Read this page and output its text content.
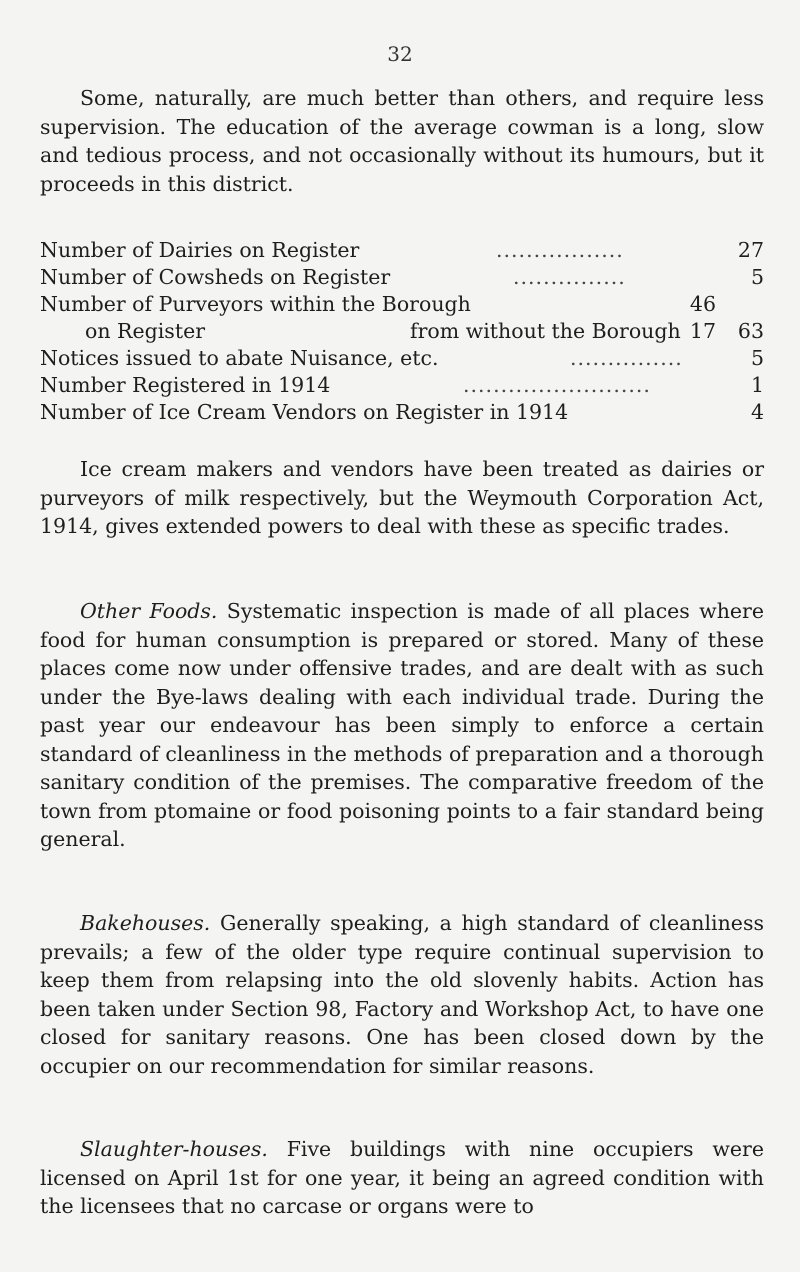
32

Some, naturally, are much better than others, and require less supervision. The education of the average cowman is a long, slow and tedious process, and not occasionally without its humours, but it proceeds in this district.

Number of Dairies on Register	.................	27
Number of Cowsheds on Register	...............	5
Number of Purveyors within the Borough	46
on Register	from without the Borough 17	63
Notices issued to abate Nuisance, etc.	...............	5
Number Registered in 1914	.........................	1
Number of Ice Cream Vendors on Register in 1914	4

Ice cream makers and vendors have been treated as dairies or purveyors of milk respectively, but the Weymouth Corporation Act, 1914, gives extended powers to deal with these as specific trades.

Other Foods. Systematic inspection is made of all places where food for human consumption is prepared or stored. Many of these places come now under offensive trades, and are dealt with as such under the Bye-laws dealing with each individual trade. During the past year our endeavour has been simply to enforce a certain standard of cleanliness in the methods of preparation and a thorough sanitary condition of the premises. The comparative freedom of the town from ptomaine or food poisoning points to a fair standard being general.

Bakehouses. Generally speaking, a high standard of cleanliness prevails; a few of the older type require continual supervision to keep them from relapsing into the old slovenly habits. Action has been taken under Section 98, Factory and Workshop Act, to have one closed for sanitary reasons. One has been closed down by the occupier on our recommendation for similar reasons.

Slaughter-houses. Five buildings with nine occupiers were licensed on April 1st for one year, it being an agreed condition with the licensees that no carcase or organs were to
